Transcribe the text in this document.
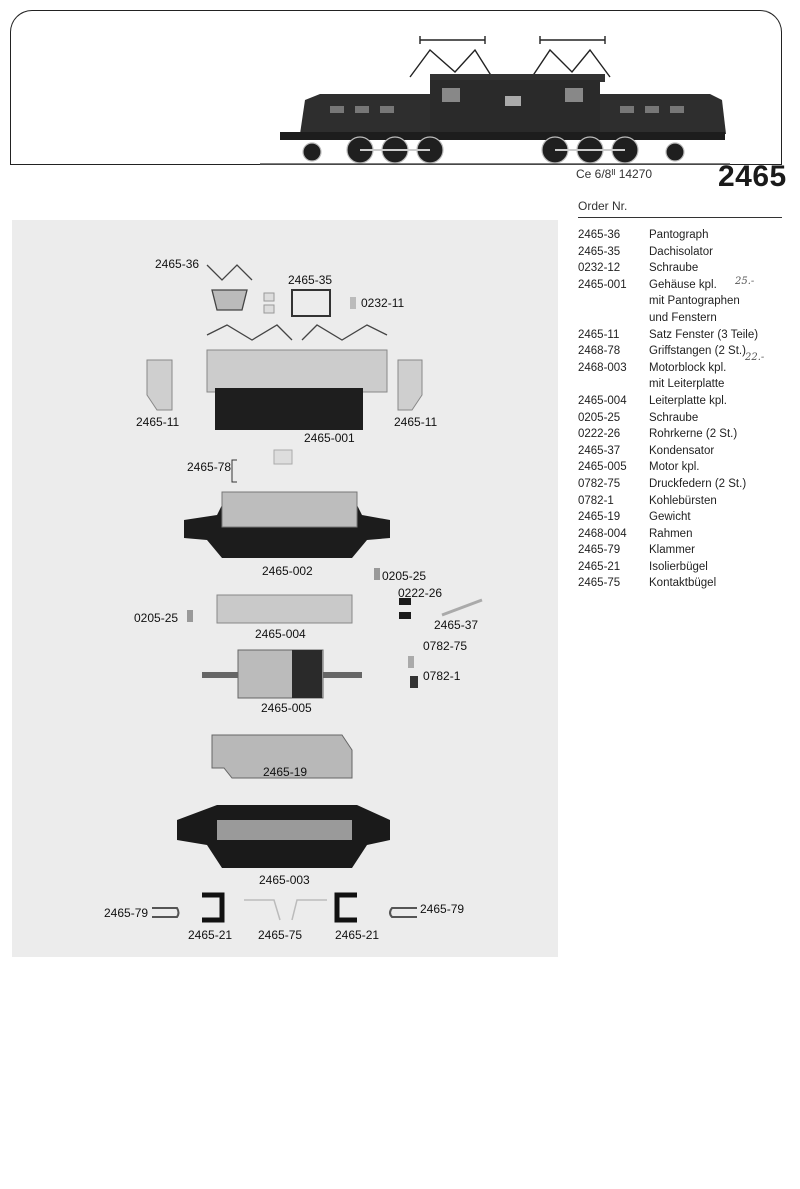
Ce 6/8ᴵᴵ 14270 2465
Order Nr.
2465-36	Pantograph
2465-35	Dachisolator
0232-12	Schraube
2465-001	Gehäuse kpl.
mit Pantographen
und Fenstern
2465-11	Satz Fenster (3 Teile)
2468-78	Griffstangen (2 St.)
2468-003	Motorblock kpl.
mit Leiterplatte
2465-004	Leiterplatte kpl.
0205-25	Schraube
0222-26	Rohrkerne (2 St.)
2465-37	Kondensator
2465-005	Motor kpl.
0782-75	Druckfedern (2 St.)
0782-1	Kohlebürsten
2465-19	Gewicht
2468-004	Rahmen
2465-79	Klammer
2465-21	Isolierbügel
2465-75	Kontaktbügel
25.-
22.-
2465-36
2465-35
0232-11
2465-11	2465-11
2465-001
2465-78
2465-002	0205-25
0222-26
0205-25
2465-004
2465-37
0782-75
0782-1
2465-005
2465-19
2465-003
2465-79	2465-79
2465-21 2465-75	2465-21
